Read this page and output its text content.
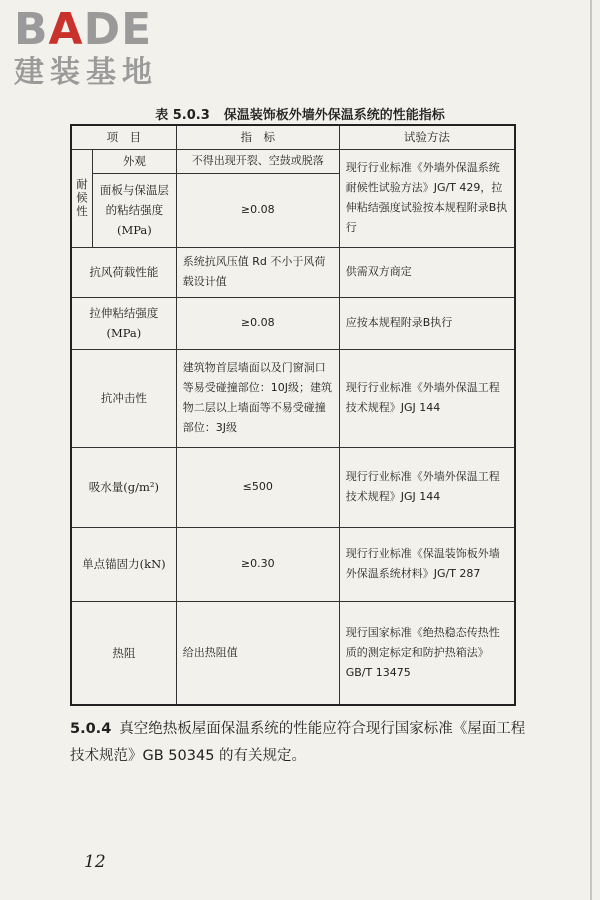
BADE
建装基地
表 5.0.3 保温装饰板外墙外保温系统的性能指标
项　目		指　标	试验方法
耐候性	外观	不得出现开裂、空鼓或脱落	现行行业标准《外墙外保温系统耐候性试验方法》JG/T 429，拉伸粘结强度试验按本规程附录B执行
	面板与保温层的粘结强度(MPa)	≥0.08	
抗风荷载性能		系统抗风压值 Rd 不小于风荷载设计值	供需双方商定
拉伸粘结强度(MPa)		≥0.08	应按本规程附录B执行
抗冲击性		建筑物首层墙面以及门窗洞口等易受碰撞部位：10J级；建筑物二层以上墙面等不易受碰撞部位：3J级	现行行业标准《外墙外保温工程技术规程》JGJ 144
吸水量(g/m²)		≤500	现行行业标准《外墙外保温工程技术规程》JGJ 144
单点锚固力(kN)		≥0.30	现行行业标准《保温装饰板外墙外保温系统材料》JG/T 287
热阻		给出热阻值	现行国家标准《绝热稳态传热性质的测定标定和防护热箱法》GB/T 13475
5.0.4 真空绝热板屋面保温系统的性能应符合现行国家标准《屋面工程技术规范》GB 50345 的有关规定。
12
